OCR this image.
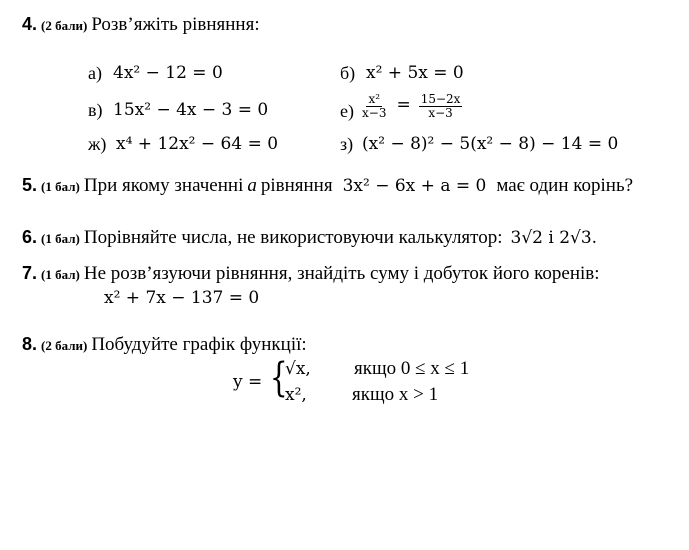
4. (2 бали) Розв’яжіть рівняння:
а) 4x² − 12 = 0	б) x² + 5x = 0
в) 15x² − 4x − 3 = 0	$е) \frac{\text{x²}}{x-3} = \frac{15-2x}{x-3}$
ж) x⁴ + 12x² − 64 = 0	з) (x² − 8)² − 5(x² − 8) − 14 = 0
5. (1 бал) При якому значенні a рівняння 3x² − 6x + a = 0 має один корінь?
6. (1 бал) Порівняйте числа, не використовуючи калькулятор: 3√2 і 2√3.
7. (1 бал) Не розв’язуючи рівняння, знайдіть суму і добуток його коренів:
x² + 7x − 137 = 0
8. (2 бали) Побудуйте графік функції:
y = {
√x, якщо 0 ≤ x ≤ 1
x², якщо x > 1
